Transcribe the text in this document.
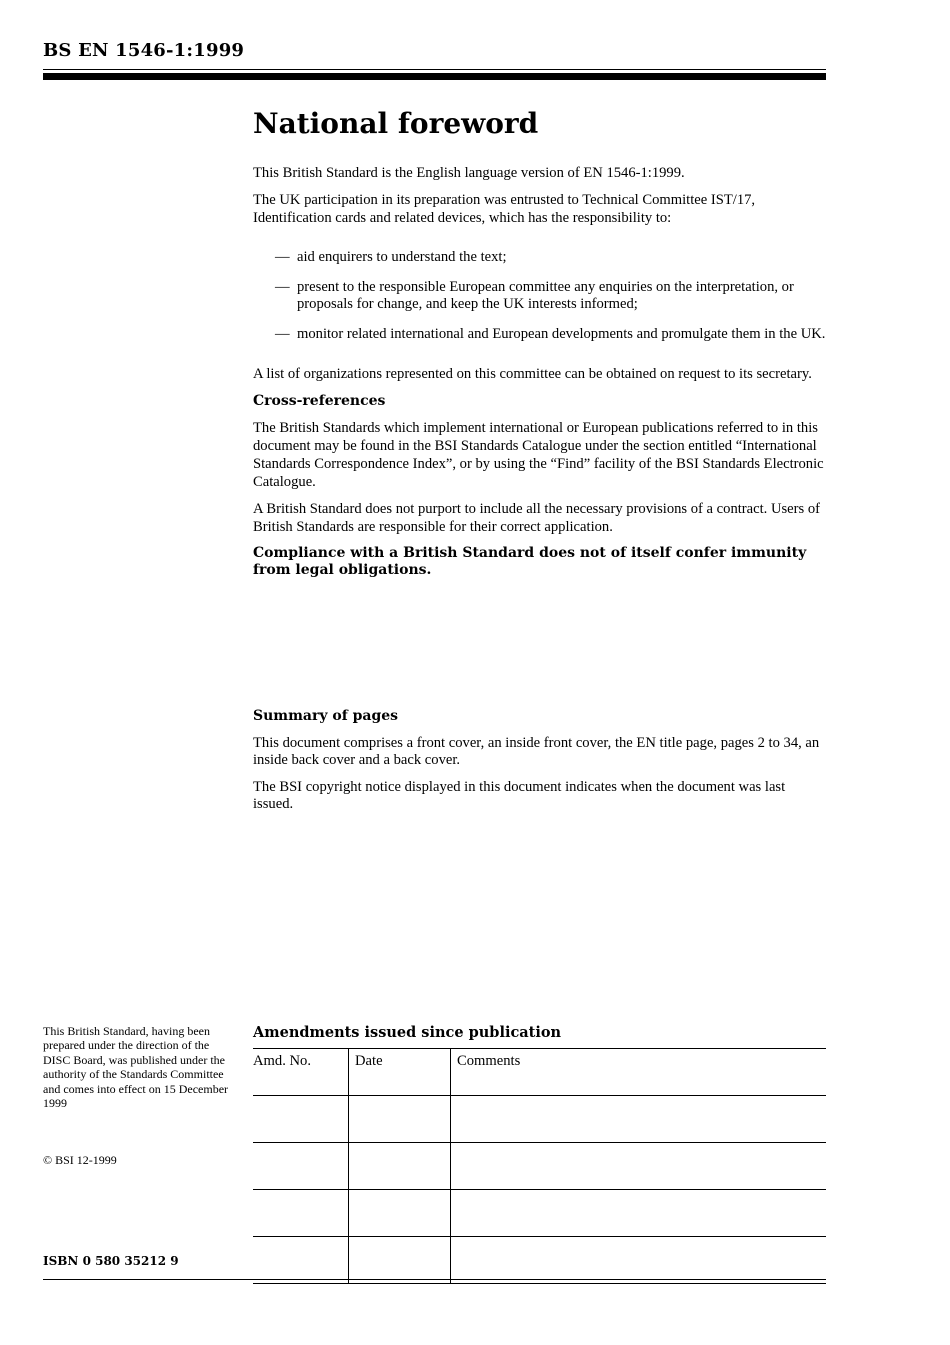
BS EN 1546-1:1999
National foreword

This British Standard is the English language version of EN 1546-1:1999.

The UK participation in its preparation was entrusted to Technical Committee IST/17, Identification cards and related devices, which has the responsibility to:

— aid enquirers to understand the text;
— present to the responsible European committee any enquiries on the interpretation, or proposals for change, and keep the UK interests informed;
— monitor related international and European developments and promulgate them in the UK.

A list of organizations represented on this committee can be obtained on request to its secretary.

Cross-references

The British Standards which implement international or European publications referred to in this document may be found in the BSI Standards Catalogue under the section entitled “International Standards Correspondence Index”, or by using the “Find” facility of the BSI Standards Electronic Catalogue.

A British Standard does not purport to include all the necessary provisions of a contract. Users of British Standards are responsible for their correct application.

Compliance with a British Standard does not of itself confer immunity from legal obligations.

Summary of pages

This document comprises a front cover, an inside front cover, the EN title page, pages 2 to 34, an inside back cover and a back cover.

The BSI copyright notice displayed in this document indicates when the document was last issued.

This British Standard, having been prepared under the direction of the DISC Board, was published under the authority of the Standards Committee and comes into effect on 15 December 1999
© BSI 12-1999
ISBN 0 580 35212 9
Amendments issued since publication
Amd. No.	Date	Comments
